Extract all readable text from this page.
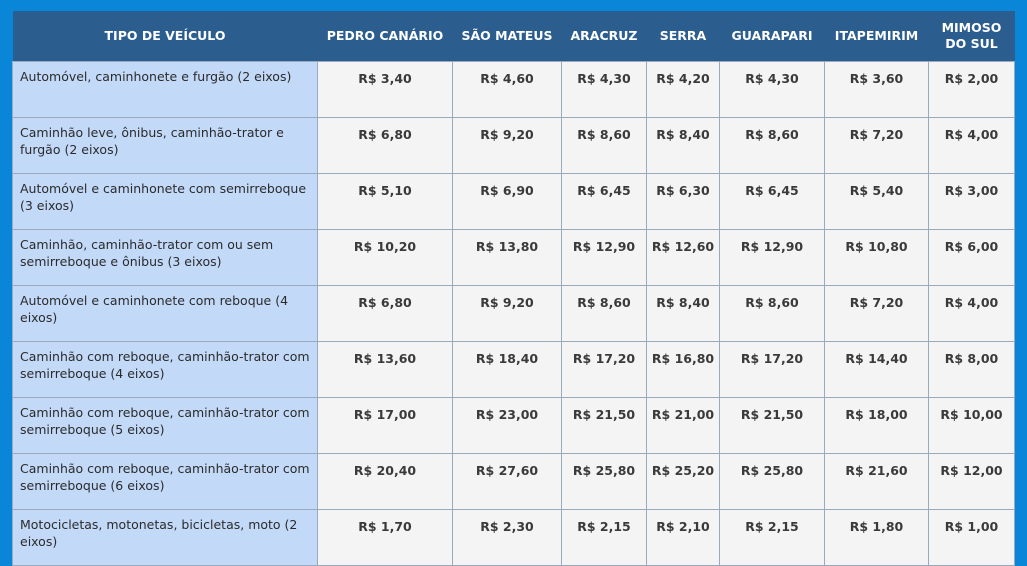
TIPO DE VEÍCULO	PEDRO CANÁRIO	SÃO MATEUS	ARACRUZ	SERRA	GUARAPARI	ITAPEMIRIM	MIMOSO DO SUL
Automóvel, caminhonete e furgão (2 eixos)	R$ 3,40	R$ 4,60	R$ 4,30	R$ 4,20	R$ 4,30	R$ 3,60	R$ 2,00
Caminhão leve, ônibus, caminhão-trator e furgão (2 eixos)	R$ 6,80	R$ 9,20	R$ 8,60	R$ 8,40	R$ 8,60	R$ 7,20	R$ 4,00
Automóvel e caminhonete com semirreboque (3 eixos)	R$ 5,10	R$ 6,90	R$ 6,45	R$ 6,30	R$ 6,45	R$ 5,40	R$ 3,00
Caminhão, caminhão-trator com ou sem semirreboque e ônibus (3 eixos)	R$ 10,20	R$ 13,80	R$ 12,90	R$ 12,60	R$ 12,90	R$ 10,80	R$ 6,00
Automóvel e caminhonete com reboque (4 eixos)	R$ 6,80	R$ 9,20	R$ 8,60	R$ 8,40	R$ 8,60	R$ 7,20	R$ 4,00
Caminhão com reboque, caminhão-trator com semirreboque (4 eixos)	R$ 13,60	R$ 18,40	R$ 17,20	R$ 16,80	R$ 17,20	R$ 14,40	R$ 8,00
Caminhão com reboque, caminhão-trator com semirreboque (5 eixos)	R$ 17,00	R$ 23,00	R$ 21,50	R$ 21,00	R$ 21,50	R$ 18,00	R$ 10,00
Caminhão com reboque, caminhão-trator com semirreboque (6 eixos)	R$ 20,40	R$ 27,60	R$ 25,80	R$ 25,20	R$ 25,80	R$ 21,60	R$ 12,00
Motocicletas, motonetas, bicicletas, moto (2 eixos)	R$ 1,70	R$ 2,30	R$ 2,15	R$ 2,10	R$ 2,15	R$ 1,80	R$ 1,00
